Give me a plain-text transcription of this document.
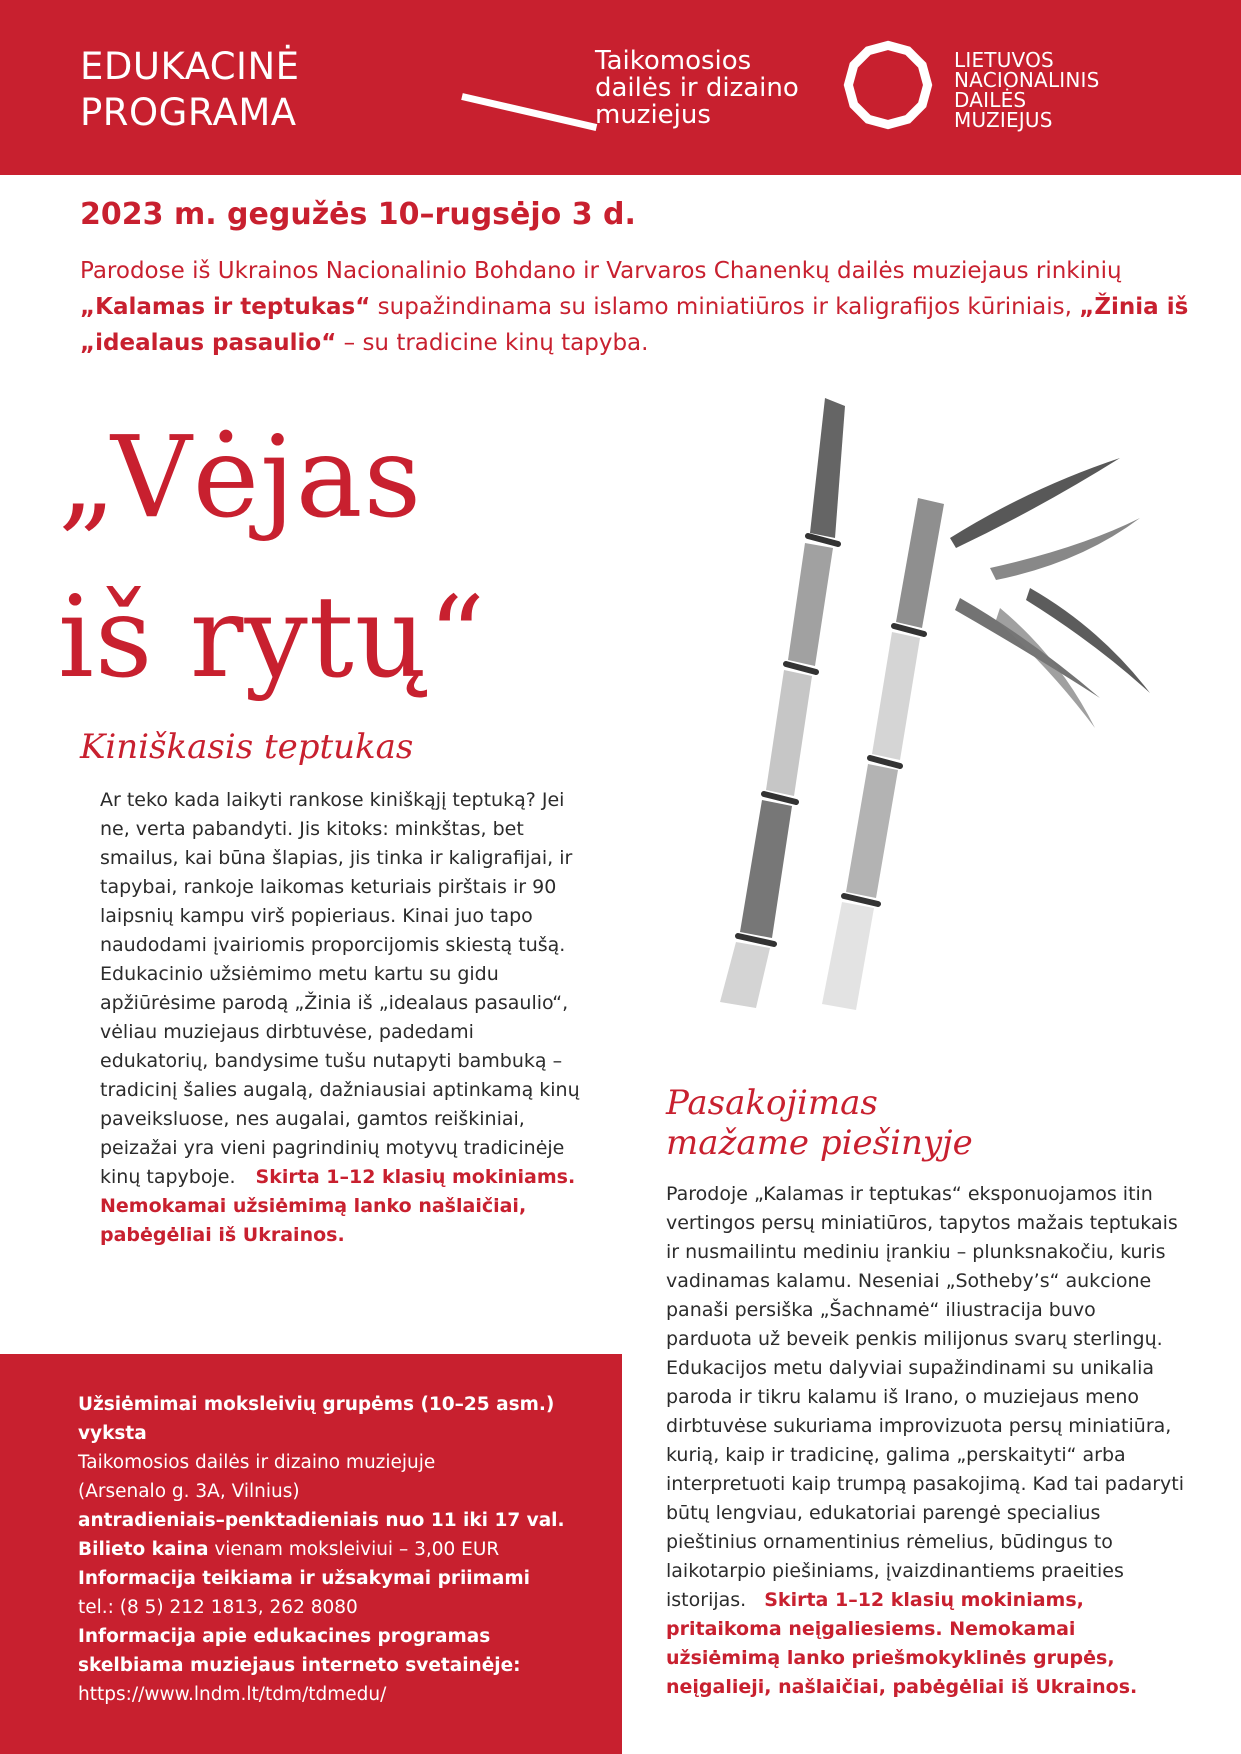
EDUKACINĖ
PROGRAMA
Taikomosios
dailės ir dizaino
muziejus
LIETUVOS
NACIONALINIS
DAILĖS
MUZIEJUS
2023 m. gegužės 10–rugsėjo 3 d.
Parodose iš Ukrainos Nacionalinio Bohdano ir Varvaros Chanenkų dailės muziejaus rinkinių „Kalamas ir teptukas“ supažindinama su islamo miniatiūros ir kaligrafijos kūriniais, „Žinia iš „idealaus pasaulio“ – su tradicine kinų tapyba.
„Vėjas
iš rytų“
Kiniškasis teptukas
Ar teko kada laikyti rankose kiniškąjį teptuką? Jei ne, verta pabandyti. Jis kitoks: minkštas, bet smailus, kai būna šlapias, jis tinka ir kaligrafijai, ir tapybai, rankoje laikomas keturiais pirštais ir 90 laipsnių kampu virš popieriaus. Kinai juo tapo naudodami įvairiomis proporcijomis skiestą tušą. Edukacinio užsiėmimo metu kartu su gidu apžiūrėsime parodą „Žinia iš „idealaus pasaulio“, vėliau muziejaus dirbtuvėse, padedami edukatorių, bandysime tušu nutapyti bambuką – tradicinį šalies augalą, dažniausiai aptinkamą kinų paveiksluose, nes augalai, gamtos reiškiniai, peizažai yra vieni pagrindinių motyvų tradicinėje kinų tapyboje. Skirta 1–12 klasių mokiniams. Nemokamai užsiėmimą lanko našlaičiai, pabėgėliai iš Ukrainos.
Pasakojimas
mažame piešinyje
Parodoje „Kalamas ir teptukas“ eksponuojamos itin vertingos persų miniatiūros, tapytos mažais teptukais ir nusmailintu mediniu įrankiu – plunksnakočiu, kuris vadinamas kalamu. Neseniai „Sotheby’s“ aukcione panaši persiška „Šachnamė“ iliustracija buvo parduota už beveik penkis milijonus svarų sterlingų. Edukacijos metu dalyviai supažindinami su unikalia paroda ir tikru kalamu iš Irano, o muziejaus meno dirbtuvėse sukuriama improvizuota persų miniatiūra, kurią, kaip ir tradicinę, galima „perskaityti“ arba interpretuoti kaip trumpą pasakojimą. Kad tai padaryti būtų lengviau, edukatoriai parengė specialius pieštinius ornamentinius rėmelius, būdingus to laikotarpio piešiniams, įvaizdinantiems praeities istorijas. Skirta 1–12 klasių mokiniams, pritaikoma neįgaliesiems. Nemokamai užsiėmimą lanko priešmokyklinės grupės, neįgalieji, našlaičiai, pabėgėliai iš Ukrainos.
Užsiėmimai moksleivių grupėms (10–25 asm.)
vyksta
Taikomosios dailės ir dizaino muziejuje
(Arsenalo g. 3A, Vilnius)
antradieniais–penktadieniais nuo 11 iki 17 val.
Bilieto kaina vienam moksleiviui – 3,00 EUR
Informacija teikiama ir užsakymai priimami
tel.: (8 5) 212 1813, 262 8080
Informacija apie edukacines programas
skelbiama muziejaus interneto svetainėje:
https://www.lndm.lt/tdm/tdmedu/
